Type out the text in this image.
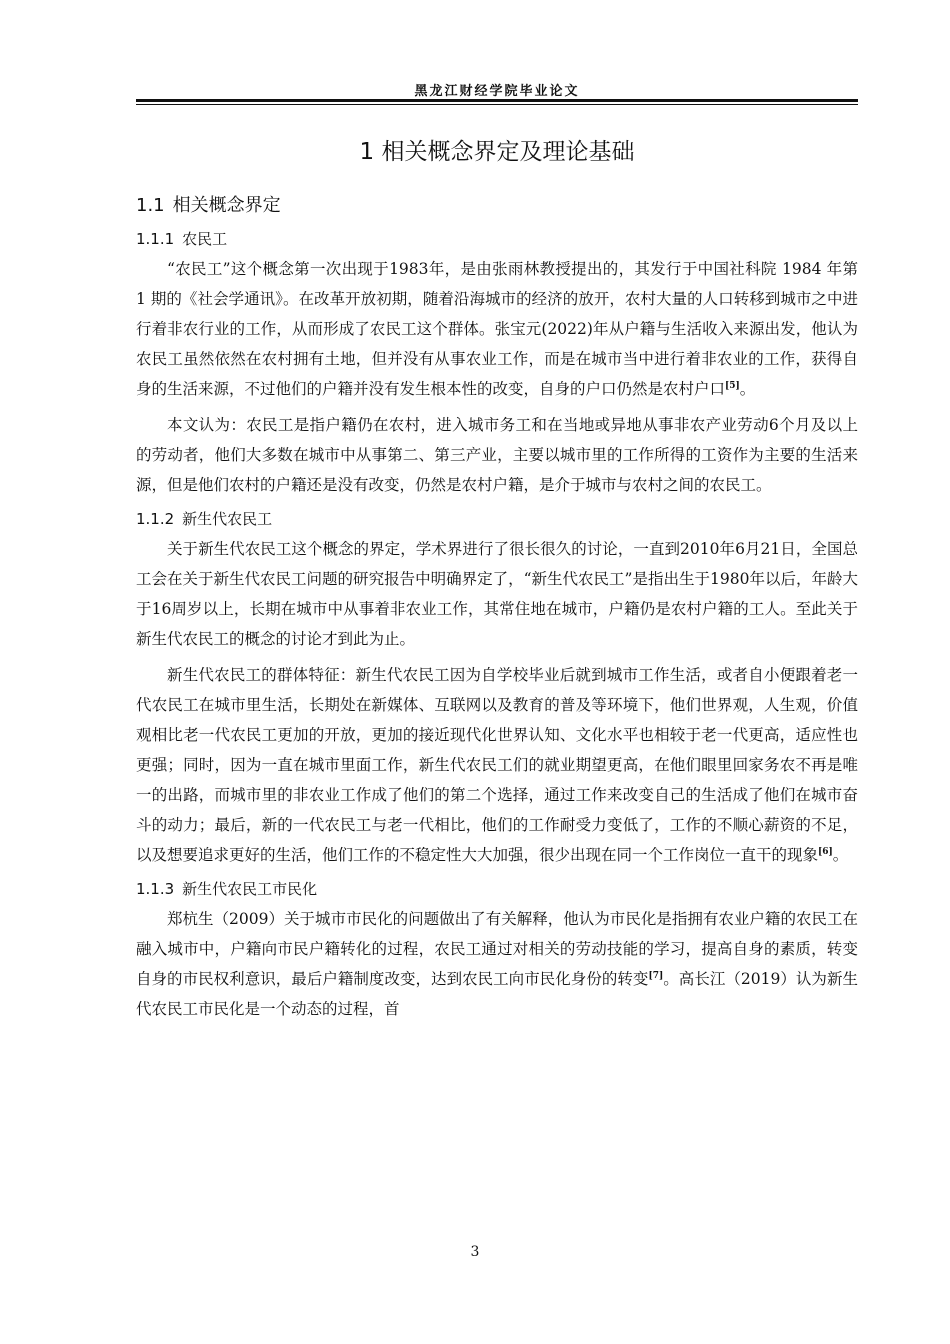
黑龙江财经学院毕业论文
1 相关概念界定及理论基础
1.1 相关概念界定
1.1.1 农民工

“农民工”这个概念第一次出现于1983年，是由张雨林教授提出的，其发行于中国社科院 1984 年第 1 期的《社会学通讯》。在改革开放初期，随着沿海城市的经济的放开，农村大量的人口转移到城市之中进行着非农行业的工作，从而形成了农民工这个群体。张宝元(2022)年从户籍与生活收入来源出发，他认为农民工虽然依然在农村拥有土地，但并没有从事农业工作，而是在城市当中进行着非农业的工作，获得自身的生活来源，不过他们的户籍并没有发生根本性的改变，自身的户口仍然是农村户口[5]。

本文认为：农民工是指户籍仍在农村，进入城市务工和在当地或异地从事非农产业劳动6个月及以上的劳动者，他们大多数在城市中从事第二、第三产业，主要以城市里的工作所得的工资作为主要的生活来源，但是他们农村的户籍还是没有改变，仍然是农村户籍，是介于城市与农村之间的农民工。

1.1.2 新生代农民工

关于新生代农民工这个概念的界定，学术界进行了很长很久的讨论，一直到2010年6月21日，全国总工会在关于新生代农民工问题的研究报告中明确界定了，“新生代农民工”是指出生于1980年以后，年龄大于16周岁以上，长期在城市中从事着非农业工作，其常住地在城市，户籍仍是农村户籍的工人。至此关于新生代农民工的概念的讨论才到此为止。

新生代农民工的群体特征：新生代农民工因为自学校毕业后就到城市工作生活，或者自小便跟着老一代农民工在城市里生活，长期处在新媒体、互联网以及教育的普及等环境下，他们世界观，人生观，价值观相比老一代农民工更加的开放，更加的接近现代化世界认知、文化水平也相较于老一代更高，适应性也更强；同时，因为一直在城市里面工作，新生代农民工们的就业期望更高，在他们眼里回家务农不再是唯一的出路，而城市里的非农业工作成了他们的第二个选择，通过工作来改变自己的生活成了他们在城市奋斗的动力；最后，新的一代农民工与老一代相比，他们的工作耐受力变低了，工作的不顺心薪资的不足，以及想要追求更好的生活，他们工作的不稳定性大大加强，很少出现在同一个工作岗位一直干的现象[6]。

1.1.3 新生代农民工市民化

郑杭生（2009）关于城市市民化的问题做出了有关解释，他认为市民化是指拥有农业户籍的农民工在融入城市中，户籍向市民户籍转化的过程，农民工通过对相关的劳动技能的学习，提高自身的素质，转变自身的市民权利意识，最后户籍制度改变，达到农民工向市民化身份的转变[7]。高长江（2019）认为新生代农民工市民化是一个动态的过程，首

3
